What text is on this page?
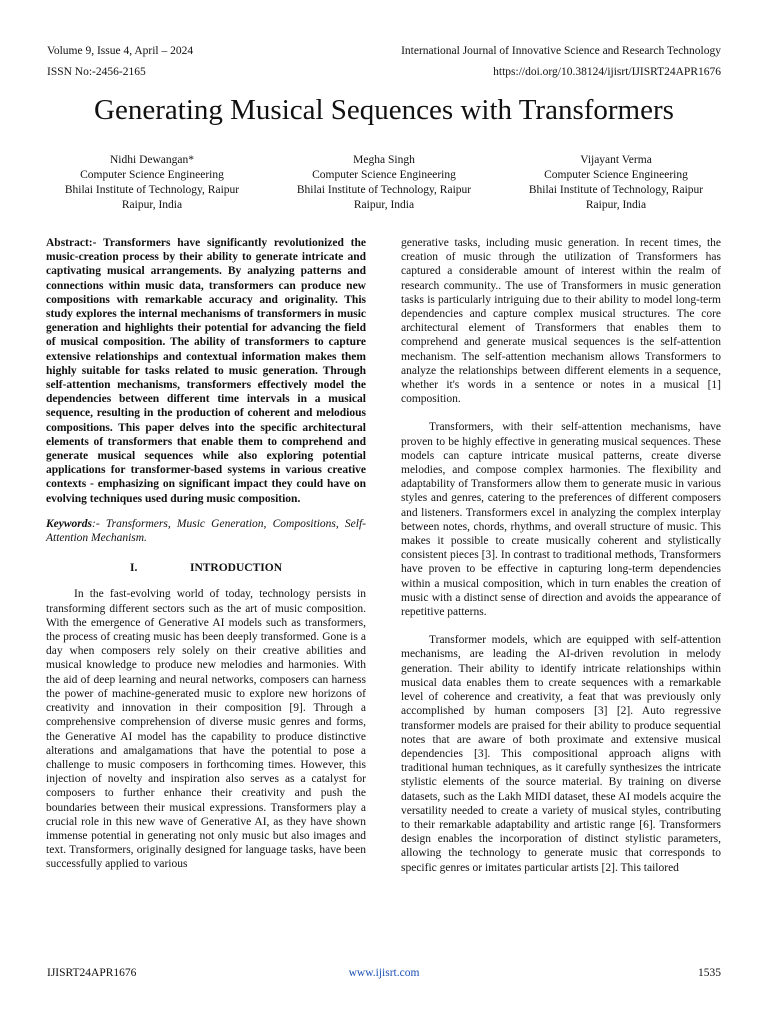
Volume 9, Issue 4, April – 2024
ISSN No:-2456-2165
International Journal of Innovative Science and Research Technology
https://doi.org/10.38124/ijisrt/IJISRT24APR1676
Generating Musical Sequences with Transformers
Nidhi Dewangan*
Computer Science Engineering
Bhilai Institute of Technology, Raipur
Raipur, India
Megha Singh
Computer Science Engineering
Bhilai Institute of Technology, Raipur
Raipur, India
Vijayant Verma
Computer Science Engineering
Bhilai Institute of Technology, Raipur
Raipur, India

Abstract:- Transformers have significantly revolutionized the music-creation process by their ability to generate intricate and captivating musical arrangements. By analyzing patterns and connections within music data, transformers can produce new compositions with remarkable accuracy and originality. This study explores the internal mechanisms of transformers in music generation and highlights their potential for advancing the field of musical composition. The ability of transformers to capture extensive relationships and contextual information makes them highly suitable for tasks related to music generation. Through self-attention mechanisms, transformers effectively model the dependencies between different time intervals in a musical sequence, resulting in the production of coherent and melodious compositions. This paper delves into the specific architectural elements of transformers that enable them to comprehend and generate musical sequences while also exploring potential applications for transformer-based systems in various creative contexts - emphasizing on significant impact they could have on evolving techniques used during music composition.

Keywords:- Transformers, Music Generation, Compositions, Self-Attention Mechanism.

I.	INTRODUCTION

In the fast-evolving world of today, technology persists in transforming different sectors such as the art of music composition. With the emergence of Generative AI models such as transformers, the process of creating music has been deeply transformed. Gone is a day when composers rely solely on their creative abilities and musical knowledge to produce new melodies and harmonies. With the aid of deep learning and neural networks, composers can harness the power of machine-generated music to explore new horizons of creativity and innovation in their composition [9]. Through a comprehensive comprehension of diverse music genres and forms, the Generative AI model has the capability to produce distinctive alterations and amalgamations that have the potential to pose a challenge to music composers in forthcoming times. However, this injection of novelty and inspiration also serves as a catalyst for composers to further enhance their creativity and push the boundaries between their musical expressions. Transformers play a crucial role in this new wave of Generative AI, as they have shown immense potential in generating not only music but also images and text. Transformers, originally designed for language tasks, have been successfully applied to various

generative tasks, including music generation. In recent times, the creation of music through the utilization of Transformers has captured a considerable amount of interest within the realm of research community.. The use of Transformers in music generation tasks is particularly intriguing due to their ability to model long-term dependencies and capture complex musical structures. The core architectural element of Transformers that enables them to comprehend and generate musical sequences is the self-attention mechanism. The self-attention mechanism allows Transformers to analyze the relationships between different elements in a sequence, whether it's words in a sentence or notes in a musical [1] composition.

Transformers, with their self-attention mechanisms, have proven to be highly effective in generating musical sequences. These models can capture intricate musical patterns, create diverse melodies, and compose complex harmonies. The flexibility and adaptability of Transformers allow them to generate music in various styles and genres, catering to the preferences of different composers and listeners. Transformers excel in analyzing the complex interplay between notes, chords, rhythms, and overall structure of music. This makes it possible to create musically coherent and stylistically consistent pieces [3]. In contrast to traditional methods, Transformers have proven to be effective in capturing long-term dependencies within a musical composition, which in turn enables the creation of music with a distinct sense of direction and avoids the appearance of repetitive patterns.

Transformer models, which are equipped with self-attention mechanisms, are leading the AI-driven revolution in melody generation. Their ability to identify intricate relationships within musical data enables them to create sequences with a remarkable level of coherence and creativity, a feat that was previously only accomplished by human composers [3] [2]. Auto regressive transformer models are praised for their ability to produce sequential notes that are aware of both proximate and extensive musical dependencies [3]. This compositional approach aligns with traditional human techniques, as it carefully synthesizes the intricate stylistic elements of the source material. By training on diverse datasets, such as the Lakh MIDI dataset, these AI models acquire the versatility needed to create a variety of musical styles, contributing to their remarkable adaptability and artistic range [6]. Transformers design enables the incorporation of distinct stylistic parameters, allowing the technology to generate music that corresponds to specific genres or imitates particular artists [2]. This tailored

IJISRT24APR1676	www.ijisrt.com	1535
